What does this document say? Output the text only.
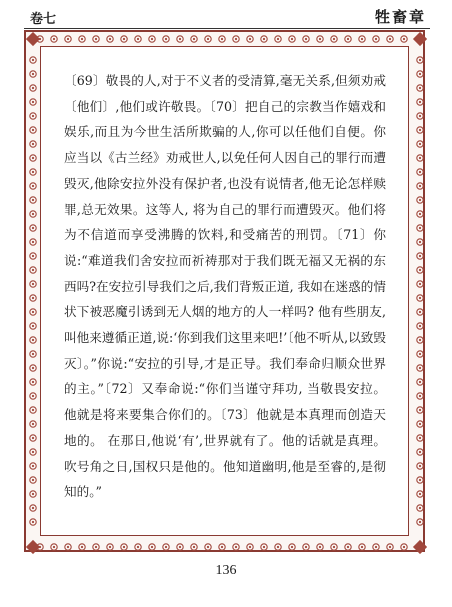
卷七	牲畜章

〔69〕敬畏的人,对于不义者的受清算,毫无关系,但须劝戒〔他们〕,他们或许敬畏。〔70〕把自己的宗教当作嬉戏和娱乐,而且为今世生活所欺骗的人,你可以任他们自便。你应当以《古兰经》劝戒世人,以免任何人因自己的罪行而遭毁灭,他除安拉外没有保护者,也没有说情者,他无论怎样赎罪,总无效果。这等人, 将为自己的罪行而遭毁灭。他们将为不信道而享受沸腾的饮料,和受痛苦的刑罚。〔71〕你说:“难道我们舍安拉而祈祷那对于我们既无福又无祸的东西吗?在安拉引导我们之后,我们背叛正道, 我如在迷惑的情状下被恶魔引诱到无人烟的地方的人一样吗? 他有些朋友,叫他来遵循正道,说:‘你到我们这里来吧!’〔他不听从,以致毁灭〕。”你说:“安拉的引导,才是正导。我们奉命归顺众世界的主。”〔72〕又奉命说:“你们当谨守拜功, 当敬畏安拉。 他就是将来要集合你们的。〔73〕他就是本真理而创造天地的。 在那日,他说‘有’,世界就有了。他的话就是真理。 吹号角之日,国权只是他的。他知道幽明,他是至睿的,是彻知的。”

136
